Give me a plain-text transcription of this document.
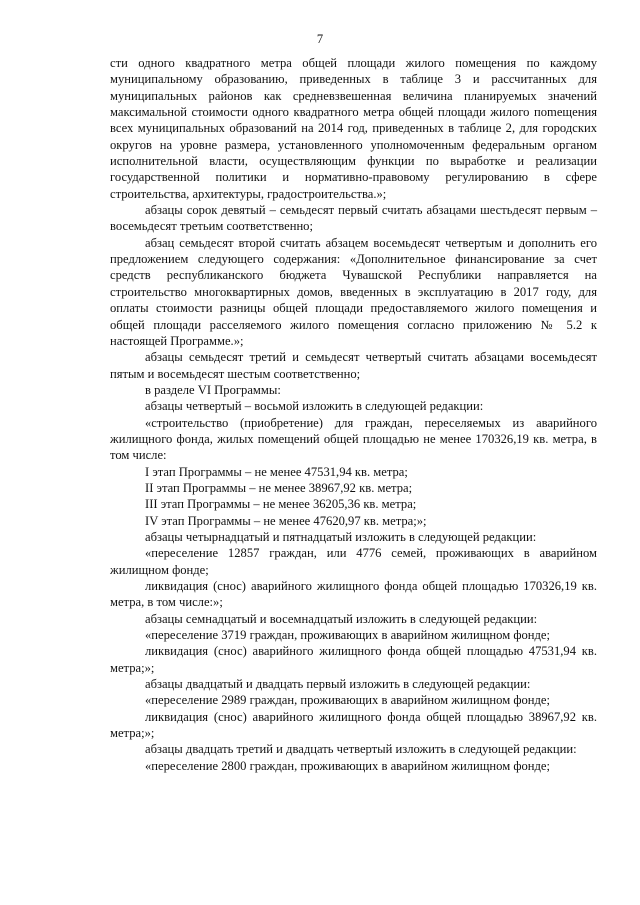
7

сти одного квадратного метра общей площади жилого помещения по каждому муниципальному образованию, приведенных в таблице 3 и рассчитанных для муниципальных районов как средневзвешенная величина планируемых значений максимальной стоимости одного квадратного метра общей площади жилого поmещения всех муниципальных образований на 2014 год, приведенных в таблице 2, для городских округов на уровне размера, установленного уполномоченным федеральным органом исполнительной власти, осуществляющим функции по выработке и реализации государственной политики и нормативно-правовому регулированию в сфере строительства, архитектуры, градостроительства.»;

абзацы сорок девятый – семьдесят первый считать абзацами шестьдесят первым – восемьдесят третьим соответственно;

абзац семьдесят второй считать абзацем восемьдесят четвертым и дополнить его предложением следующего содержания: «Дополнительное финансирование за счет средств республиканского бюджета Чувашской Республики направляется на строительство многоквартирных домов, введенных в эксплуатацию в 2017 году, для оплаты стоимости разницы общей площади предоставляемого жилого помещения и общей площади расселяемого жилого помещения согласно приложению № 5.2 к настоящей Программе.»;

абзацы семьдесят третий и семьдесят четвертый считать абзацами восемьдесят пятым и восемьдесят шестым соответственно;

в разделе VI Программы:

абзацы четвертый – восьмой изложить в следующей редакции:

«строительство (приобретение) для граждан, переселяемых из аварийного жилищного фонда, жилых помещений общей площадью не менее 170326,19 кв. метра, в том числе:

I этап Программы – не менее 47531,94 кв. метра;

II этап Программы – не менее 38967,92 кв. метра;

III этап Программы – не менее 36205,36 кв. метра;

IV этап Программы – не менее 47620,97 кв. метра;»;

абзацы четырнадцатый и пятнадцатый изложить в следующей редакции:

«переселение 12857 граждан, или 4776 семей, проживающих в аварийном жилищном фонде;

ликвидация (снос) аварийного жилищного фонда общей площадью 170326,19 кв. метра, в том числе:»;

абзацы семнадцатый и восемнадцатый изложить в следующей редакции:

«переселение 3719 граждан, проживающих в аварийном жилищном фонде;

ликвидация (снос) аварийного жилищного фонда общей площадью 47531,94 кв. метра;»;

абзацы двадцатый и двадцать первый изложить в следующей редакции:

«переселение 2989 граждан, проживающих в аварийном жилищном фонде;

ликвидация (снос) аварийного жилищного фонда общей площадью 38967,92 кв. метра;»;

абзацы двадцать третий и двадцать четвертый изложить в следующей редакции:

«переселение 2800 граждан, проживающих в аварийном жилищном фонде;
